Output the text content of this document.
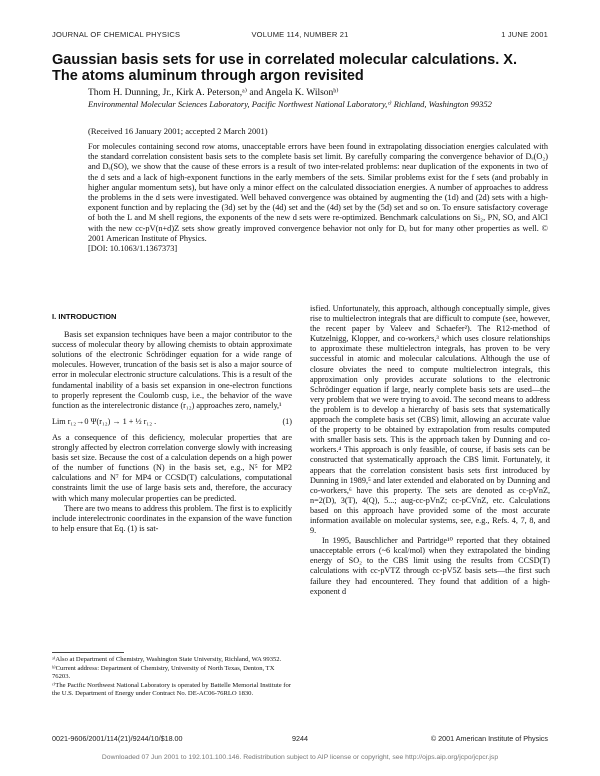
JOURNAL OF CHEMICAL PHYSICS	VOLUME 114, NUMBER 21	1 JUNE 2001
Gaussian basis sets for use in correlated molecular calculations. X.
The atoms aluminum through argon revisited
Thom H. Dunning, Jr., Kirk A. Peterson,ᵃ⁾ and Angela K. Wilsonᵇ⁾
Environmental Molecular Sciences Laboratory, Pacific Northwest National Laboratory,ᶜ⁾ Richland, Washington 99352
(Received 16 January 2001; accepted 2 March 2001)

For molecules containing second row atoms, unacceptable errors have been found in extrapolating dissociation energies calculated with the standard correlation consistent basis sets to the complete basis set limit. By carefully comparing the convergence behavior of Dₑ(O₂) and Dₑ(SO), we show that the cause of these errors is a result of two inter-related problems: near duplication of the exponents in two of the d sets and a lack of high-exponent functions in the early members of the sets. Similar problems exist for the f sets (and probably in higher angular momentum sets), but have only a minor effect on the calculated dissociation energies. A number of approaches to address the problems in the d sets were investigated. Well behaved convergence was obtained by augmenting the (1d) and (2d) sets with a high-exponent function and by replacing the (3d) set by the (4d) set and the (4d) set by the (5d) set and so on. To ensure satisfactory coverage of both the L and M shell regions, the exponents of the new d sets were re-optimized. Benchmark calculations on Si₂, PN, SO, and AlCl with the new cc-pV(n+d)Z sets show greatly improved convergence behavior not only for Dₑ but for many other properties as well. © 2001 American Institute of Physics.

[DOI: 10.1063/1.1367373]

I. INTRODUCTION

Basis set expansion techniques have been a major contributor to the success of molecular theory by allowing chemists to obtain approximate solutions of the electronic Schrödinger equation for a wide range of molecules. However, truncation of the basis set is also a major source of error in molecular electronic structure calculations. This is a result of the fundamental inability of a basis set expansion in one-electron functions to properly represent the Coulomb cusp, i.e., the behavior of the wave function as the interelectronic distance (r₁₂) approaches zero, namely,¹

Lim r₁₂→0 Ψ(r₁₂) → 1 + ½ r₁₂ .	(1)

As a consequence of this deficiency, molecular properties that are strongly affected by electron correlation converge slowly with increasing basis set size. Because the cost of a calculation depends on a high power of the number of functions (N) in the basis set, e.g., N⁵ for MP2 calculations and N⁷ for MP4 or CCSD(T) calculations, computational constraints limit the use of large basis sets and, therefore, the accuracy with which many molecular properties can be predicted.

There are two means to address this problem. The first is to explicitly include interelectronic coordinates in the expansion of the wave function to help ensure that Eq. (1) is sat-

isfied. Unfortunately, this approach, although conceptually simple, gives rise to multielectron integrals that are difficult to compute (see, however, the recent paper by Valeev and Schaefer²). The R12-method of Kutzelnigg, Klopper, and co-workers,³ which uses closure relationships to approximate these multielectron integrals, has proven to be very successful in atomic and molecular calculations. Although the use of closure obviates the need to compute multielectron integrals, this approximation only provides accurate solutions to the electronic Schrödinger equation if large, nearly complete basis sets are used—the very problem that we were trying to avoid. The second means to address the problem is to develop a hierarchy of basis sets that systematically approach the complete basis set (CBS) limit, allowing an accurate value of the property to be obtained by extrapolation from results computed with smaller basis sets. This is the approach taken by Dunning and co-workers.⁴ This approach is only feasible, of course, if basis sets can be constructed that systematically approach the CBS limit. Fortunately, it appears that the correlation consistent basis sets first introduced by Dunning in 1989,⁵ and later extended and elaborated on by Dunning and co-workers,⁶ have this property. The sets are denoted as cc-pVnZ, n=2(D), 3(T), 4(Q), 5...; aug-cc-pVnZ; cc-pCVnZ, etc. Calculations based on this approach have provided some of the most accurate information available on molecular systems, see, e.g., Refs. 4, 7, 8, and 9.

In 1995, Bauschlicher and Partridge¹⁰ reported that they obtained unacceptable errors (~6 kcal/mol) when they extrapolated the binding energy of SO₂ to the CBS limit using the results from CCSD(T) calculations with cc-pVTZ through cc-pV5Z basis sets—the first such failure they had encountered. They found that addition of a high-exponent d

ᵃ⁾Also at Department of Chemistry, Washington State University, Richland, WA 99352.

ᵇ⁾Current address: Department of Chemistry, University of North Texas, Denton, TX 76203.

ᶜ⁾The Pacific Northwest National Laboratory is operated by Battelle Memorial Institute for the U.S. Department of Energy under Contract No. DE-AC06-76RLO 1830.

0021-9606/2001/114(21)/9244/10/$18.00	9244	© 2001 American Institute of Physics
Downloaded 07 Jun 2001 to 192.101.100.146. Redistribution subject to AIP license or copyright, see http://ojps.aip.org/jcpo/jcpcr.jsp
